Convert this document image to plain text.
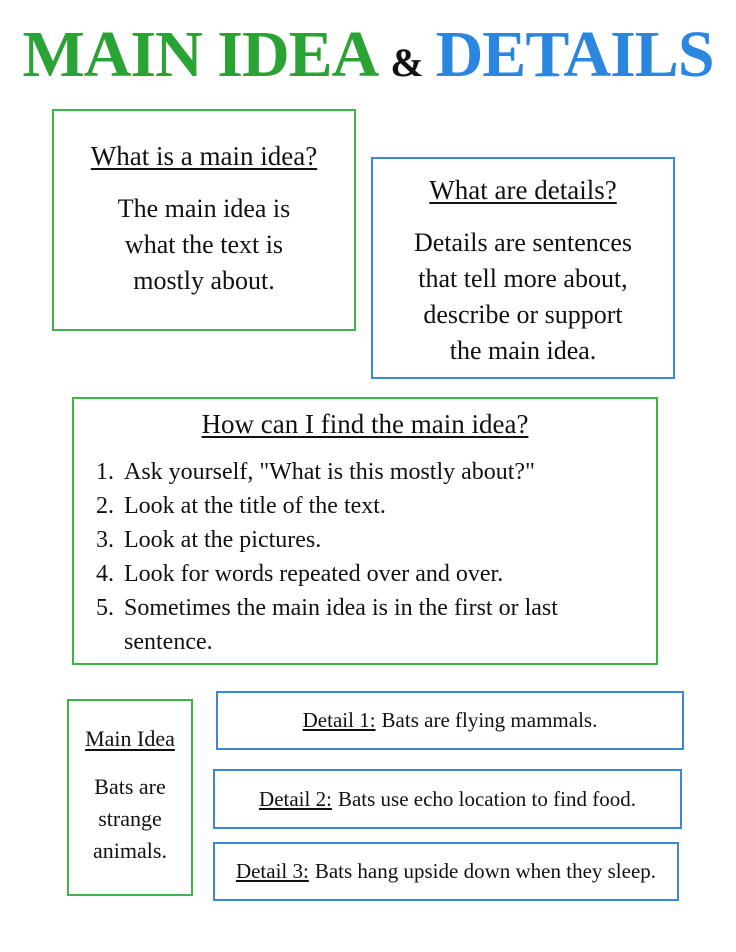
MAIN IDEA & DETAILS
What is a main idea?
The main idea is
what the text is
mostly about.
What are details?
Details are sentences
that tell more about,
describe or support
the main idea.
How can I find the main idea?
1. Ask yourself, "What is this mostly about?"
2. Look at the title of the text.
3. Look at the pictures.
4. Look for words repeated over and over.
5. Sometimes the main idea is in the first or last sentence.
Main Idea
Bats are
strange
animals.
Detail 1: Bats are flying mammals.
Detail 2: Bats use echo location to find food.
Detail 3: Bats hang upside down when they sleep.
